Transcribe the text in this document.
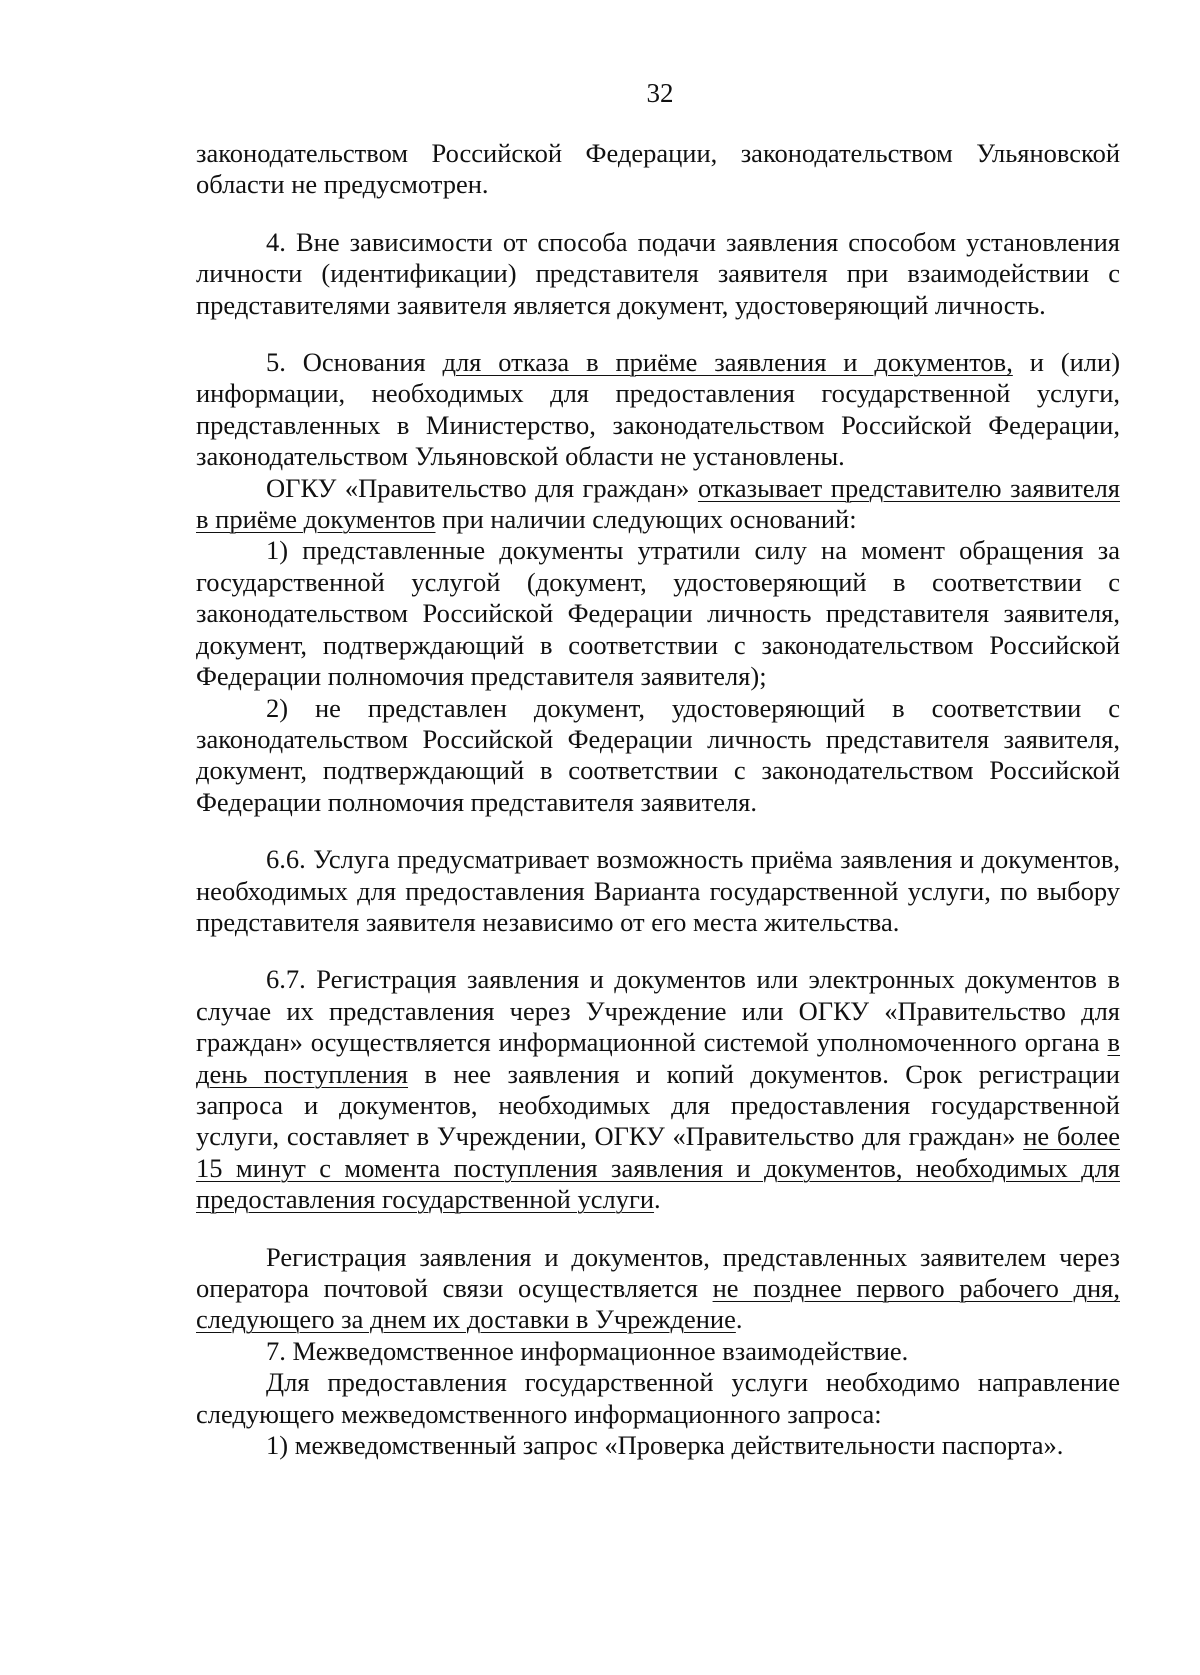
32

законодательством Российской Федерации, законодательством Ульяновской области не предусмотрен.

4. Вне зависимости от способа подачи заявления способом установления личности (идентификации) представителя заявителя при взаимодействии с представителями заявителя является документ, удостоверяющий личность.

5. Основания для отказа в приёме заявления и документов, и (или) информации, необходимых для предоставления государственной услуги, представленных в Министерство, законодательством Российской Федерации, законодательством Ульяновской области не установлены.

ОГКУ «Правительство для граждан» отказывает представителю заявителя в приёме документов при наличии следующих оснований:

1) представленные документы утратили силу на момент обращения за государственной услугой (документ, удостоверяющий в соответствии с законодательством Российской Федерации личность представителя заявителя, документ, подтверждающий в соответствии с законодательством Российской Федерации полномочия представителя заявителя);

2) не представлен документ, удостоверяющий в соответствии с законодательством Российской Федерации личность представителя заявителя, документ, подтверждающий в соответствии с законодательством Российской Федерации полномочия представителя заявителя.

6.6. Услуга предусматривает возможность приёма заявления и документов, необходимых для предоставления Варианта государственной услуги, по выбору представителя заявителя независимо от его места жительства.

6.7. Регистрация заявления и документов или электронных документов в случае их представления через Учреждение или ОГКУ «Правительство для граждан» осуществляется информационной системой уполномоченного органа в день поступления в нее заявления и копий документов. Срок регистрации запроса и документов, необходимых для предоставления государственной услуги, составляет в Учреждении, ОГКУ «Правительство для граждан» не более 15 минут с момента поступления заявления и документов, необходимых для предоставления государственной услуги.

Регистрация заявления и документов, представленных заявителем через оператора почтовой связи осуществляется не позднее первого рабочего дня, следующего за днем их доставки в Учреждение.

7. Межведомственное информационное взаимодействие.

Для предоставления государственной услуги необходимо направление следующего межведомственного информационного запроса:

1) межведомственный запрос «Проверка действительности паспорта».
